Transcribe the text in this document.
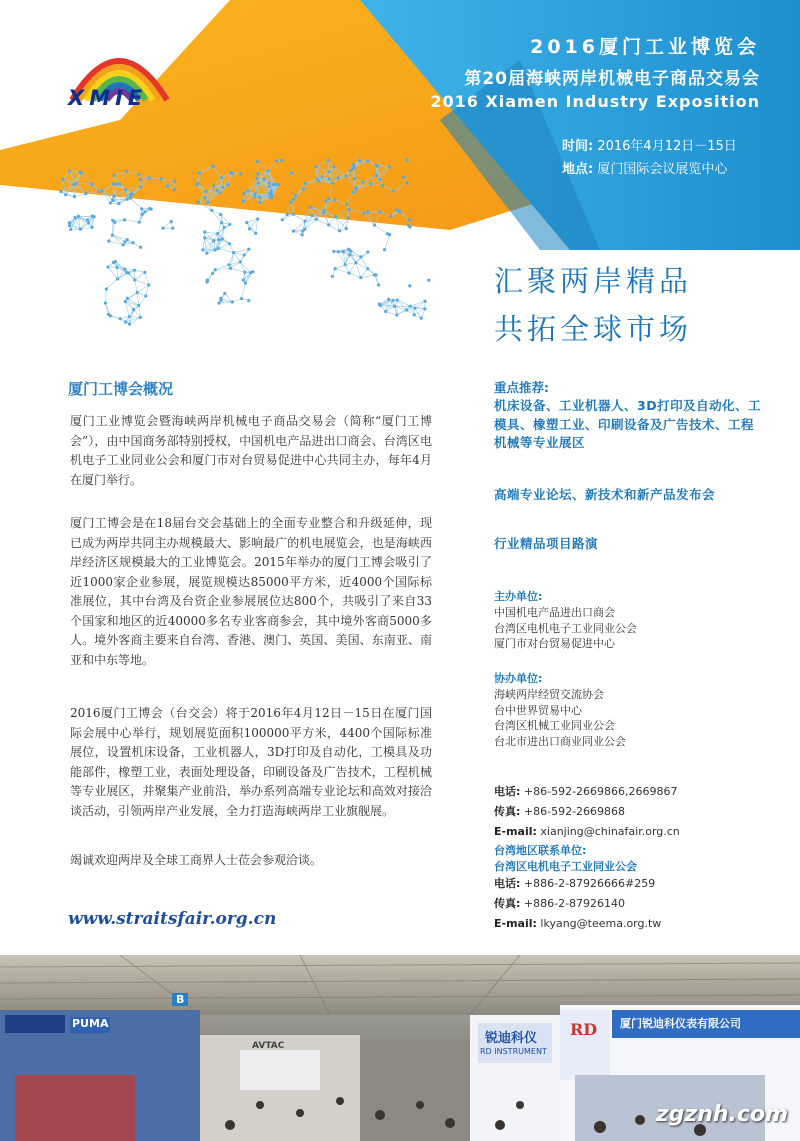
XMIE
2016厦门工业博览会
第20届海峡两岸机械电子商品交易会
2016 Xiamen Industry Exposition
时间: 2016年4月12日－15日
地点: 厦门国际会议展览中心
汇聚两岸精品
共拓全球市场
厦门工博会概况

厦门工业博览会暨海峡两岸机械电子商品交易会（简称“厦门工博会”），由中国商务部特别授权，中国机电产品进出口商会、台湾区电机电子工业同业公会和厦门市对台贸易促进中心共同主办，每年4月在厦门举行。

厦门工博会是在18届台交会基础上的全面专业整合和升级延伸，现已成为两岸共同主办规模最大、影响最广的机电展览会，也是海峡西岸经济区规模最大的工业博览会。2015年举办的厦门工博会吸引了近1000家企业参展，展览规模达85000平方米，近4000个国际标准展位，其中台湾及台资企业参展展位达800个，共吸引了来自33个国家和地区的近40000多名专业客商参会，其中境外客商5000多人。境外客商主要来自台湾、香港、澳门、英国、美国、东南亚、南亚和中东等地。

2016厦门工博会（台交会）将于2016年4月12日－15日在厦门国际会展中心举行，规划展览面积100000平方米，4400个国际标准展位，设置机床设备，工业机器人，3D打印及自动化，工模具及功能部件，橡塑工业，表面处理设备，印刷设备及广告技术，工程机械等专业展区，并聚集产业前沿，举办系列高端专业论坛和高效对接洽谈活动，引领两岸产业发展，全力打造海峡两岸工业旗舰展。

竭诚欢迎两岸及全球工商界人士莅会参观洽谈。

www.straitsfair.org.cn
重点推荐:

机床设备、工业机器人、3D打印及自动化、工模具、橡塑工业、印刷设备及广告技术、工程机械等专业展区

高端专业论坛、新技术和新产品发布会

行业精品项目路演

主办单位:
中国机电产品进出口商会
台湾区电机电子工业同业公会
厦门市对台贸易促进中心
协办单位:
海峡两岸经贸交流协会
台中世界贸易中心
台湾区机械工业同业公会
台北市进出口商业同业公会
电话: +86-592-2669866,2669867
传真: +86-592-2669868
E-mail: xianjing@chinafair.org.cn
台湾地区联系单位:
台湾区电机电子工业同业公会
电话: +886-2-87926666#259
传真: +886-2-87926140
E-mail: lkyang@teema.org.tw
厦门锐迪科仪表有限公司
锐迪科仪
RD INSTRUMENT
RD
PUMA
B
AVTAC
zgznh.com
